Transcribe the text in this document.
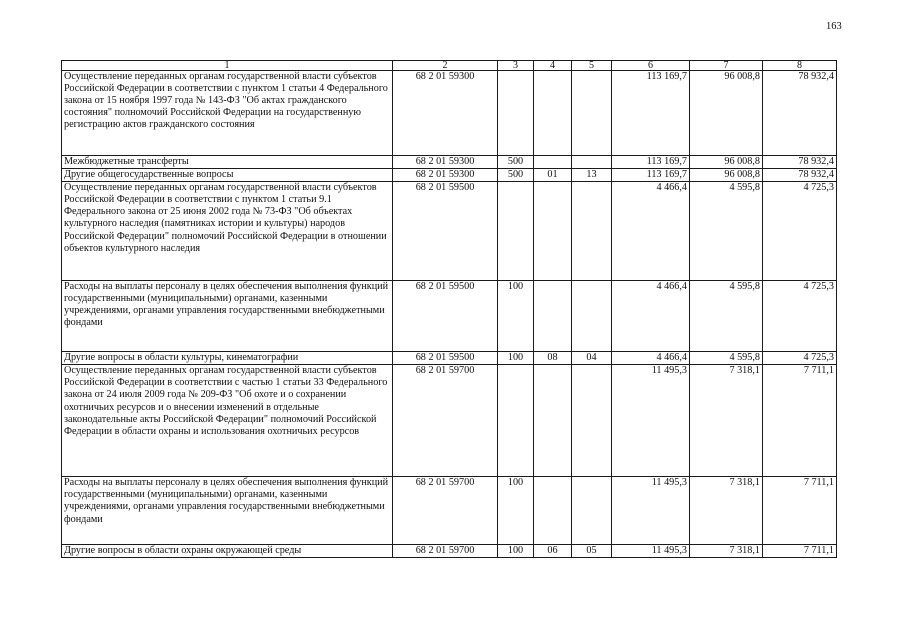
163
1	2	3	4	5	6	7	8
Осуществление переданных органам государственной власти субъектов Российской Федерации в соответствии с пунктом 1 статьи 4 Федерального закона от 15 ноября 1997 года № 143-ФЗ "Об актах гражданского состояния" полномочий Российской Федерации на государственную регистрацию актов гражданского состояния	68 2 01 59300				113 169,7	96 008,8	78 932,4
Межбюджетные трансферты	68 2 01 59300	500			113 169,7	96 008,8	78 932,4
Другие общегосударственные вопросы	68 2 01 59300	500	01	13	113 169,7	96 008,8	78 932,4
Осуществление переданных органам государственной власти субъектов Российской Федерации в соответствии с пунктом 1 статьи 9.1 Федерального закона от 25 июня 2002 года № 73-ФЗ "Об объектах культурного наследия (памятниках истории и культуры) народов Российской Федерации" полномочий Российской Федерации в отношении объектов культурного наследия	68 2 01 59500				4 466,4	4 595,8	4 725,3
Расходы на выплаты персоналу в целях обеспечения выполнения функций государственными (муниципальными) органами, казенными учреждениями, органами управления государственными внебюджетными фондами	68 2 01 59500	100			4 466,4	4 595,8	4 725,3
Другие вопросы в области культуры, кинематографии	68 2 01 59500	100	08	04	4 466,4	4 595,8	4 725,3
Осуществление переданных органам государственной власти субъектов Российской Федерации в соответствии с частью 1 статьи 33 Федерального закона от 24 июля 2009 года № 209-ФЗ "Об охоте и о сохранении охотничьих ресурсов и о внесении изменений в отдельные законодательные акты Российской Федерации" полномочий Российской Федерации в области охраны и использования охотничьих ресурсов	68 2 01 59700				11 495,3	7 318,1	7 711,1
Расходы на выплаты персоналу в целях обеспечения выполнения функций государственными (муниципальными) органами, казенными учреждениями, органами управления государственными внебюджетными фондами	68 2 01 59700	100			11 495,3	7 318,1	7 711,1
Другие вопросы в области охраны окружающей среды	68 2 01 59700	100	06	05	11 495,3	7 318,1	7 711,1
